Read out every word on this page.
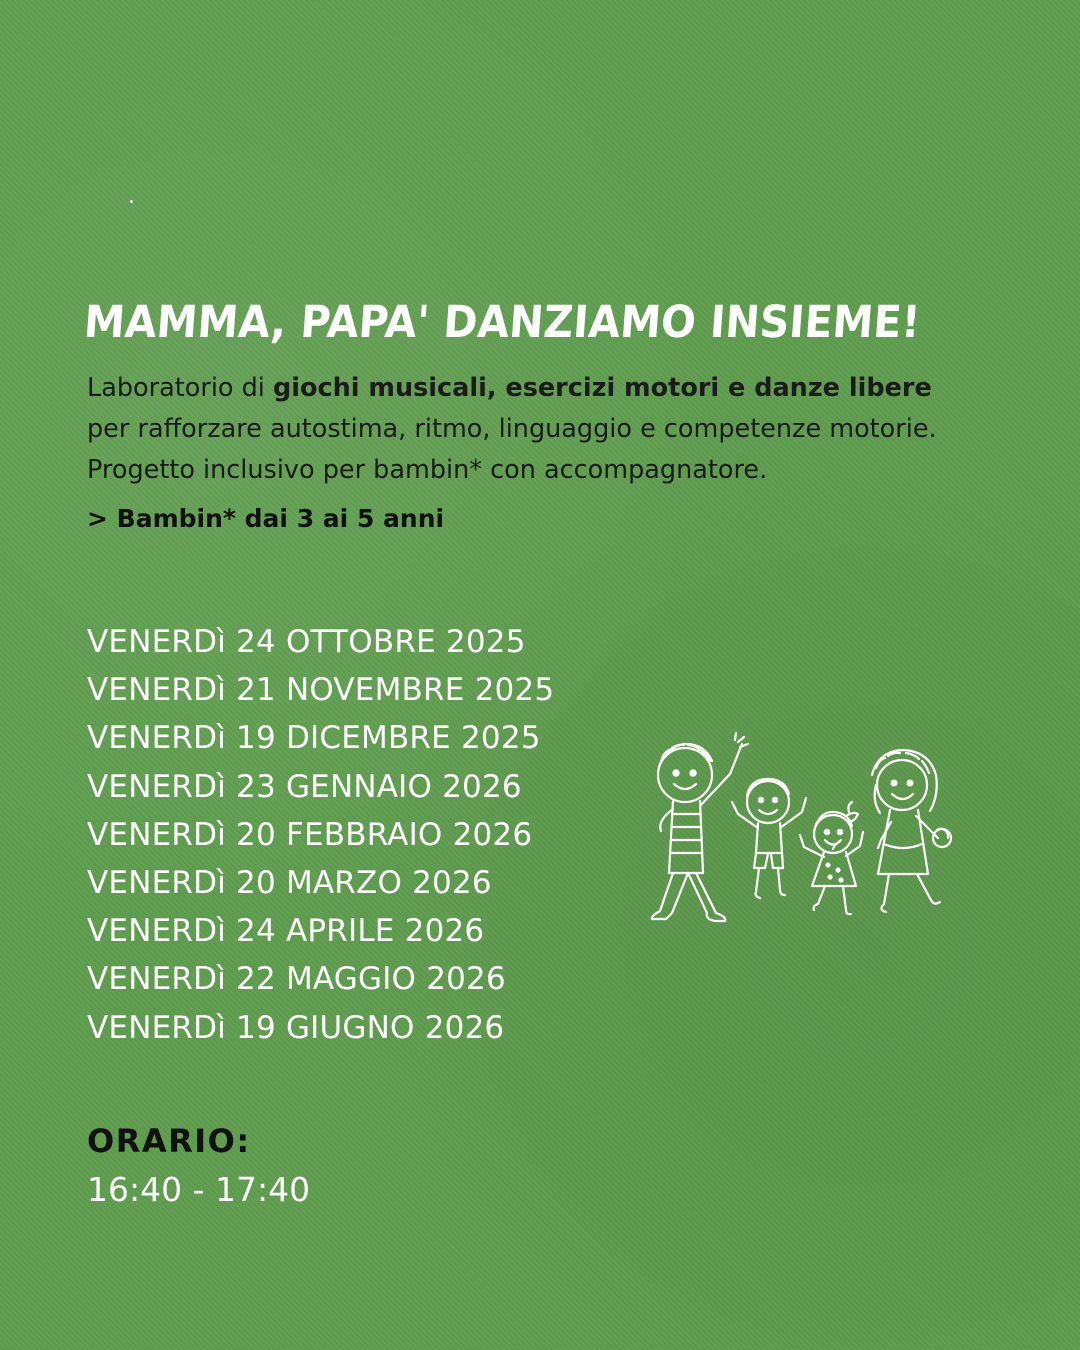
MAMMA, PAPA' DANZIAMO INSIEME!

Laboratorio di giochi musicali, esercizi motori e danze libere
per rafforzare autostima, ritmo, linguaggio e competenze motorie.
Progetto inclusivo per bambin* con accompagnatore.

> Bambin* dai 3 ai 5 anni

VENERDì 24 OTTOBRE 2025
VENERDì 21 NOVEMBRE 2025
VENERDì 19 DICEMBRE 2025
VENERDì 23 GENNAIO 2026
VENERDì 20 FEBBRAIO 2026
VENERDì 20 MARZO 2026
VENERDì 24 APRILE 2026
VENERDì 22 MAGGIO 2026
VENERDì 19 GIUGNO 2026
ORARIO:
16:40 - 17:40
